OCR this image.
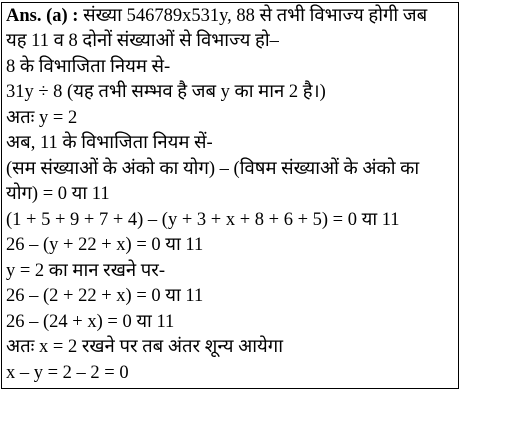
Ans. (a) : संख्या 546789x531y, 88 से तभी विभाज्य होगी जब
यह 11 व 8 दोनों संख्याओं से विभाज्य हो–
8 के विभाजिता नियम से-
31y ÷ 8 (यह तभी सम्भव है जब y का मान 2 है।)
अतः y = 2
अब, 11 के विभाजिता नियम सें-
(सम संख्याओं के अंको का योग) – (विषम संख्याओं के अंको का
योग) = 0 या 11
(1 + 5 + 9 + 7 + 4) – (y + 3 + x + 8 + 6 + 5) = 0 या 11
26 – (y + 22 + x) = 0 या 11
y = 2 का मान रखने पर-
26 – (2 + 22 + x) = 0 या 11
26 – (24 + x) = 0 या 11
अतः x = 2 रखने पर तब अंतर शून्य आयेगा
x – y = 2 – 2 = 0
